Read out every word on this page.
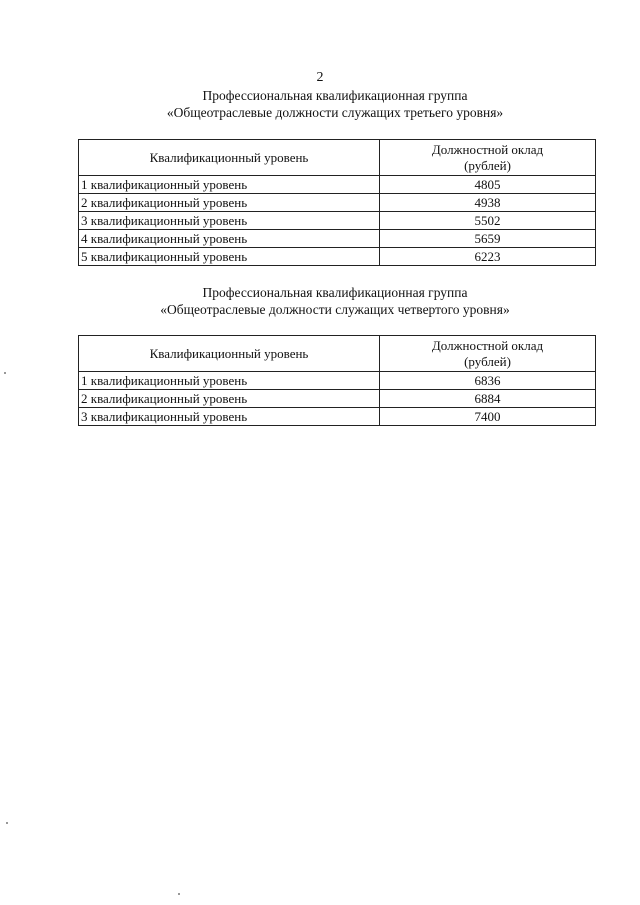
2
Профессиональная квалификационная группа
«Общеотраслевые должности служащих третьего уровня»
Квалификационный уровень	Должностной оклад
(рублей)
1 квалификационный уровень	4805
2 квалификационный уровень	4938
3 квалификационный уровень	5502
4 квалификационный уровень	5659
5 квалификационный уровень	6223
Профессиональная квалификационная группа
«Общеотраслевые должности служащих четвертого уровня»
Квалификационный уровень	Должностной оклад
(рублей)
1 квалификационный уровень	6836
2 квалификационный уровень	6884
3 квалификационный уровень	7400
